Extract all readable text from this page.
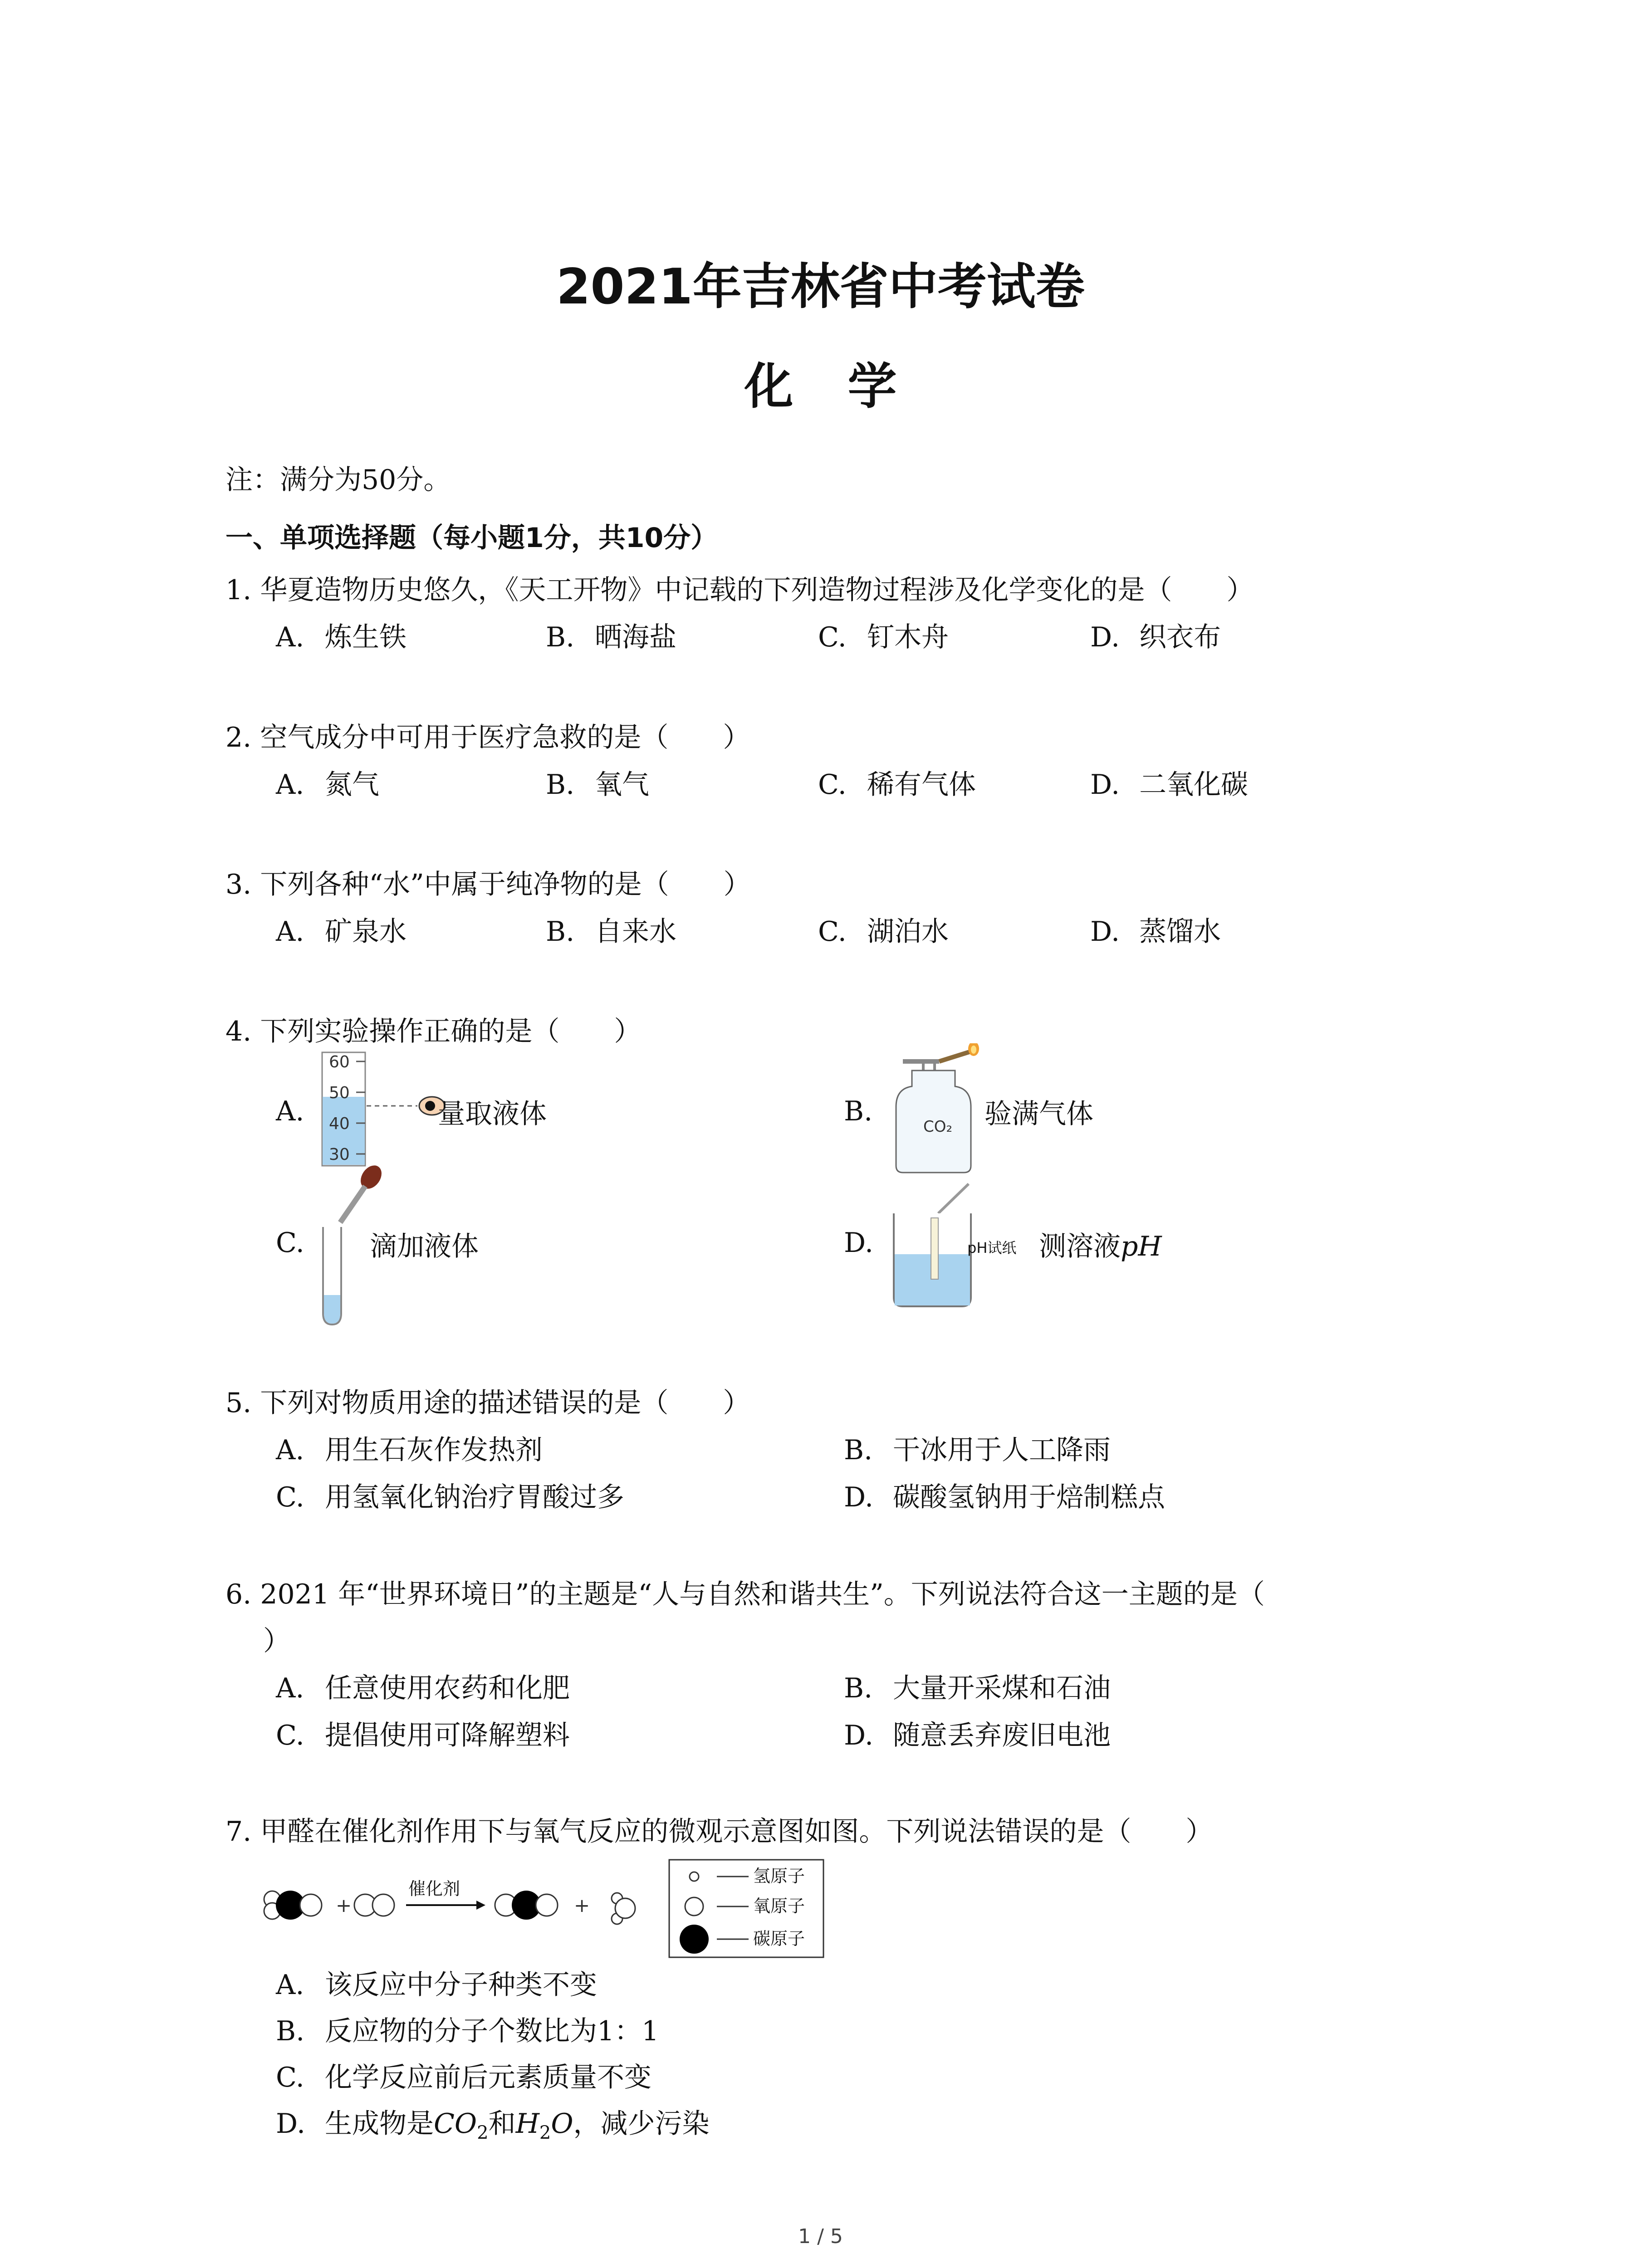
2021年吉林省中考试卷
化学
注：满分为50分。
一、单项选择题（每小题1分，共10分）
1. 华夏造物历史悠久，《天工开物》中记载的下列造物过程涉及化学变化的是（　　）
A. 炼生铁	B. 晒海盐	C. 钉木舟	D. 织衣布
2. 空气成分中可用于医疗急救的是（　　）
A. 氮气	B. 氧气	C. 稀有气体	D. 二氧化碳
3. 下列各种“水”中属于纯净物的是（　　）
A. 矿泉水	B. 自来水	C. 湖泊水	D. 蒸馏水
4. 下列实验操作正确的是（　　）
A.
60
50
40
30
量取液体	B.	CO₂ 验满气体
C. 滴加液体	D.	pH试纸 测溶液pH
5. 下列对物质用途的描述错误的是（　　）
A. 用生石灰作发热剂	B. 干冰用于人工降雨
C. 用氢氧化钠治疗胃酸过多	D. 碳酸氢钠用于焙制糕点
6. 2021 年“世界环境日”的主题是“人与自然和谐共生”。下列说法符合这一主题的是（
）
A. 任意使用农药和化肥	B. 大量开采煤和石油
C. 提倡使用可降解塑料	D. 随意丢弃废旧电池
7. 甲醛在催化剂作用下与氧气反应的微观示意图如图。下列说法错误的是（　　）
+
催化剂
+
氢原子
氧原子
碳原子
A. 该反应中分子种类不变
B. 反应物的分子个数比为1：1
C. 化学反应前后元素质量不变
D. 生成物是$CO_2$和$H_2O$，减少污染
1 / 5
